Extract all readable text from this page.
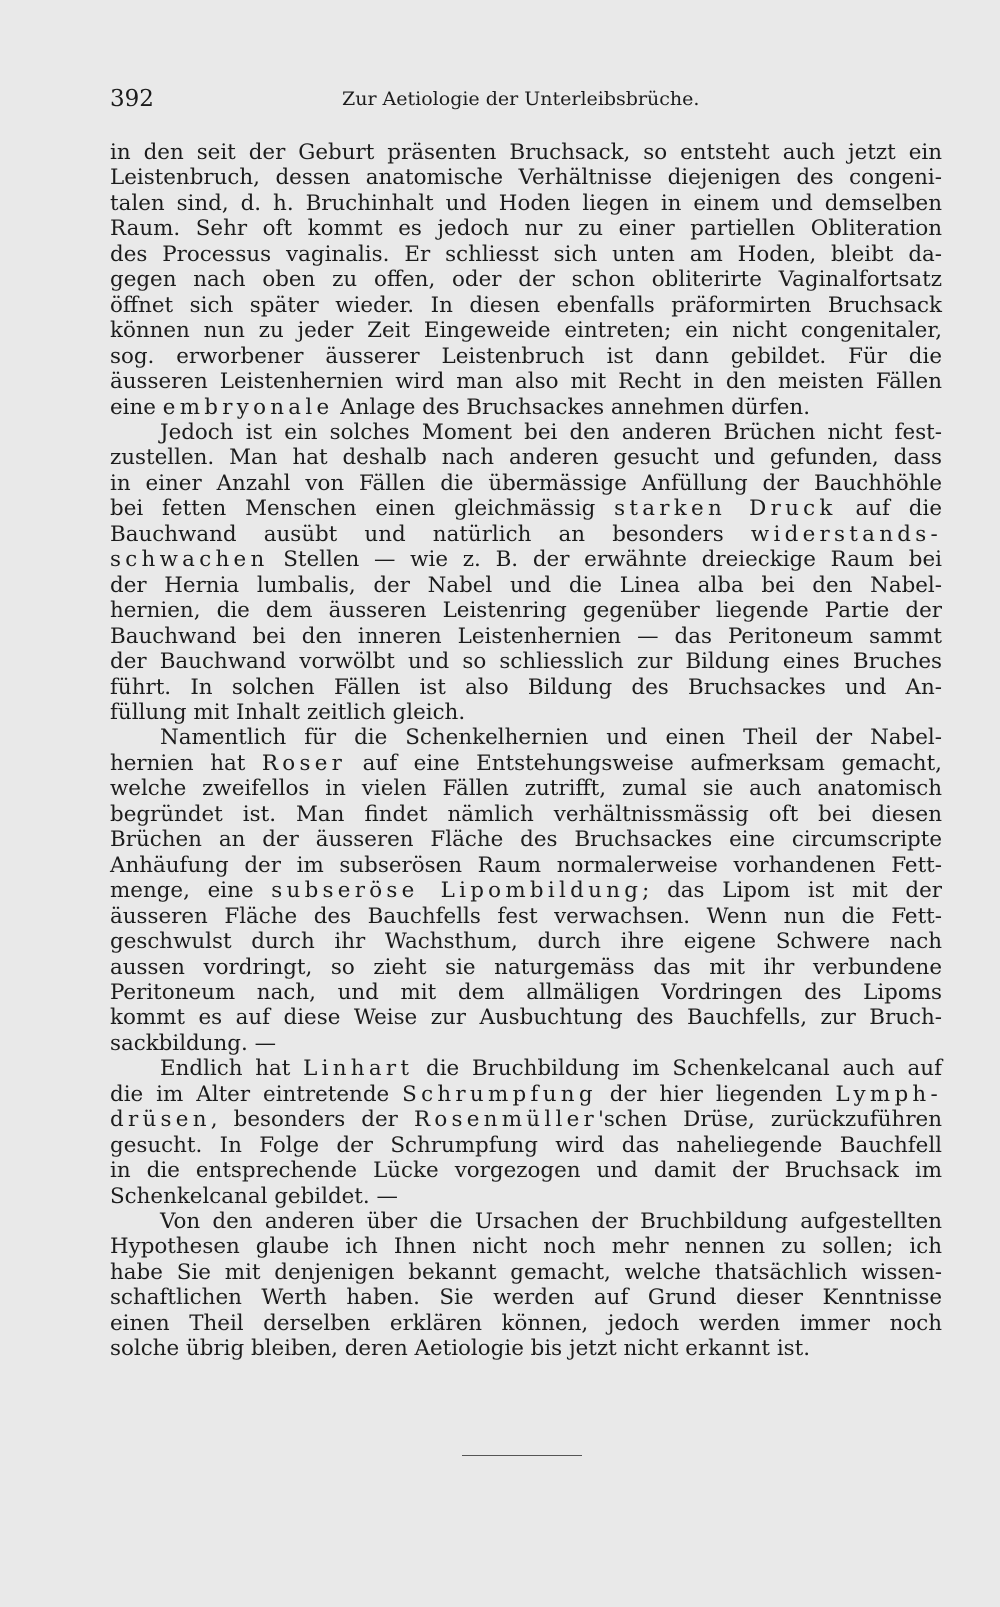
392	Zur Aetiologie der Unterleibsbrüche.
in den seit der Geburt präsenten Bruchsack, so entsteht auch jetzt ein
Leistenbruch, dessen anatomische Verhältnisse diejenigen des congeni-
talen sind, d. h. Bruchinhalt und Hoden liegen in einem und demselben
Raum. Sehr oft kommt es jedoch nur zu einer partiellen Obliteration
des Processus vaginalis. Er schliesst sich unten am Hoden, bleibt da-
gegen nach oben zu offen, oder der schon obliterirte Vaginalfortsatz
öffnet sich später wieder. In diesen ebenfalls präformirten Bruchsack
können nun zu jeder Zeit Eingeweide eintreten; ein nicht congenitaler,
sog. erworbener äusserer Leistenbruch ist dann gebildet. Für die
äusseren Leistenhernien wird man also mit Recht in den meisten Fällen
eine embryonale Anlage des Bruchsackes annehmen dürfen.
Jedoch ist ein solches Moment bei den anderen Brüchen nicht fest-
zustellen. Man hat deshalb nach anderen gesucht und gefunden, dass
in einer Anzahl von Fällen die übermässige Anfüllung der Bauchhöhle
bei fetten Menschen einen gleichmässig starken Druck auf die
Bauchwand ausübt und natürlich an besonders widerstands-
schwachen Stellen — wie z. B. der erwähnte dreieckige Raum bei
der Hernia lumbalis, der Nabel und die Linea alba bei den Nabel-
hernien, die dem äusseren Leistenring gegenüber liegende Partie der
Bauchwand bei den inneren Leistenhernien — das Peritoneum sammt
der Bauchwand vorwölbt und so schliesslich zur Bildung eines Bruches
führt. In solchen Fällen ist also Bildung des Bruchsackes und An-
füllung mit Inhalt zeitlich gleich.
Namentlich für die Schenkelhernien und einen Theil der Nabel-
hernien hat Roser auf eine Entstehungsweise aufmerksam gemacht,
welche zweifellos in vielen Fällen zutrifft, zumal sie auch anatomisch
begründet ist. Man findet nämlich verhältnissmässig oft bei diesen
Brüchen an der äusseren Fläche des Bruchsackes eine circumscripte
Anhäufung der im subserösen Raum normalerweise vorhandenen Fett-
menge, eine subseröse Lipombildung; das Lipom ist mit der
äusseren Fläche des Bauchfells fest verwachsen. Wenn nun die Fett-
geschwulst durch ihr Wachsthum, durch ihre eigene Schwere nach
aussen vordringt, so zieht sie naturgemäss das mit ihr verbundene
Peritoneum nach, und mit dem allmäligen Vordringen des Lipoms
kommt es auf diese Weise zur Ausbuchtung des Bauchfells, zur Bruch-
sackbildung. —
Endlich hat Linhart die Bruchbildung im Schenkelcanal auch auf
die im Alter eintretende Schrumpfung der hier liegenden Lymph-
drüsen, besonders der Rosenmüller'schen Drüse, zurückzuführen
gesucht. In Folge der Schrumpfung wird das naheliegende Bauchfell
in die entsprechende Lücke vorgezogen und damit der Bruchsack im
Schenkelcanal gebildet. —
Von den anderen über die Ursachen der Bruchbildung aufgestellten
Hypothesen glaube ich Ihnen nicht noch mehr nennen zu sollen; ich
habe Sie mit denjenigen bekannt gemacht, welche thatsächlich wissen-
schaftlichen Werth haben. Sie werden auf Grund dieser Kenntnisse
einen Theil derselben erklären können, jedoch werden immer noch
solche übrig bleiben, deren Aetiologie bis jetzt nicht erkannt ist.
